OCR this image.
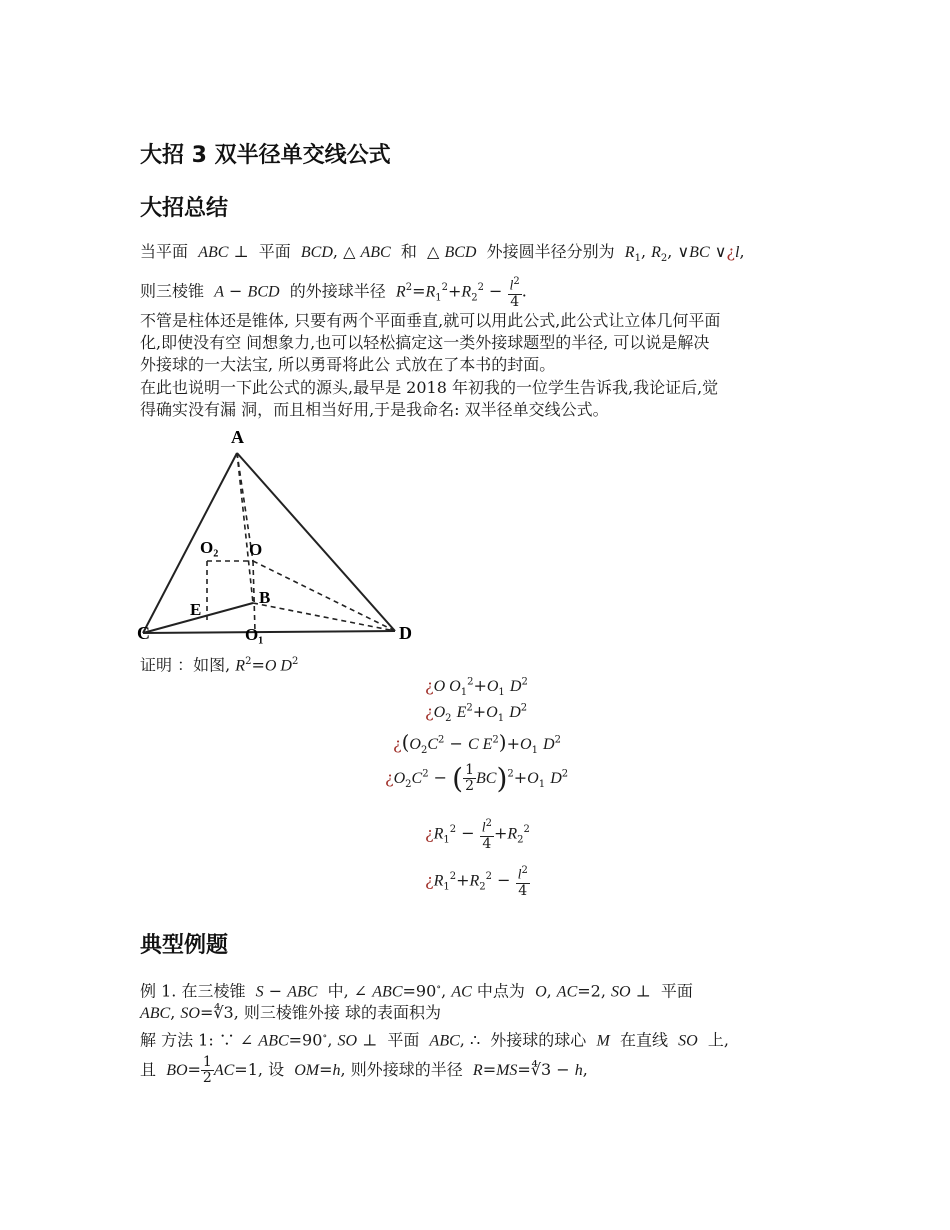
大招 3 双半径单交线公式
大招总结
当平面 ABC ⊥  平面 BCD, △ ABC 和  △ BCD 外接圆半径分别为 $R_1$, $R_2$, ∨BC ∨¿l,
则三棱锥 A − BCD 的外接球半径 $R^2=R_1^2+R_2^2 - \frac{l^2}{4}$ .
不管是柱体还是锥体, 只要有两个平面垂直,就可以用此公式,此公式让立体几何平面
化,即使没有空 间想象力,也可以轻松搞定这一类外接球题型的半径, 可以说是解决
外接球的一大法宝, 所以勇哥将此公 式放在了本书的封面。
在此也说明一下此公式的源头,最早是 2018 年初我的一位学生告诉我,我论证后,觉
得确实没有漏 洞，而且相当好用,于是我命名: 双半径单交线公式。
A
O₂ O
B
E
C	D
O₁
证明 ：如图, $R^2=O$ $D^2$
¿O $O_1^2+O_1$ $D^2$
¿$O_2$ $E^2+O_1$ $D^2$
¿($O_2C^2 - C$ $E^2)+O_1$ $D^2$
¿$O_2C^2$ − ( $\frac{1}{2} BC)^2+O_1$ $D^2$
¿$R_1^2 - \frac{l^2}{4} +R_2^2$
¿$R_1^2+R_2^2 - \frac{l^2}{4}$
典型例题
例 1. 在三棱锥 S − ABC 中, ∠ ABC=90∘, AC 中点为 O, AC=2, SO ⊥  平面
ABC, SO=∜3, 则三棱锥外接 球的表面积为
解 方法 1: ∵ ∠ ABC=90∘, SO ⊥  平面 ABC, ∴  外接球的球心 M 在直线 SO 上,
且 $BO= \frac{1}{2} AC=1$, 设 OM=h, 则外接球的半径 R=MS=∜3 − h,
